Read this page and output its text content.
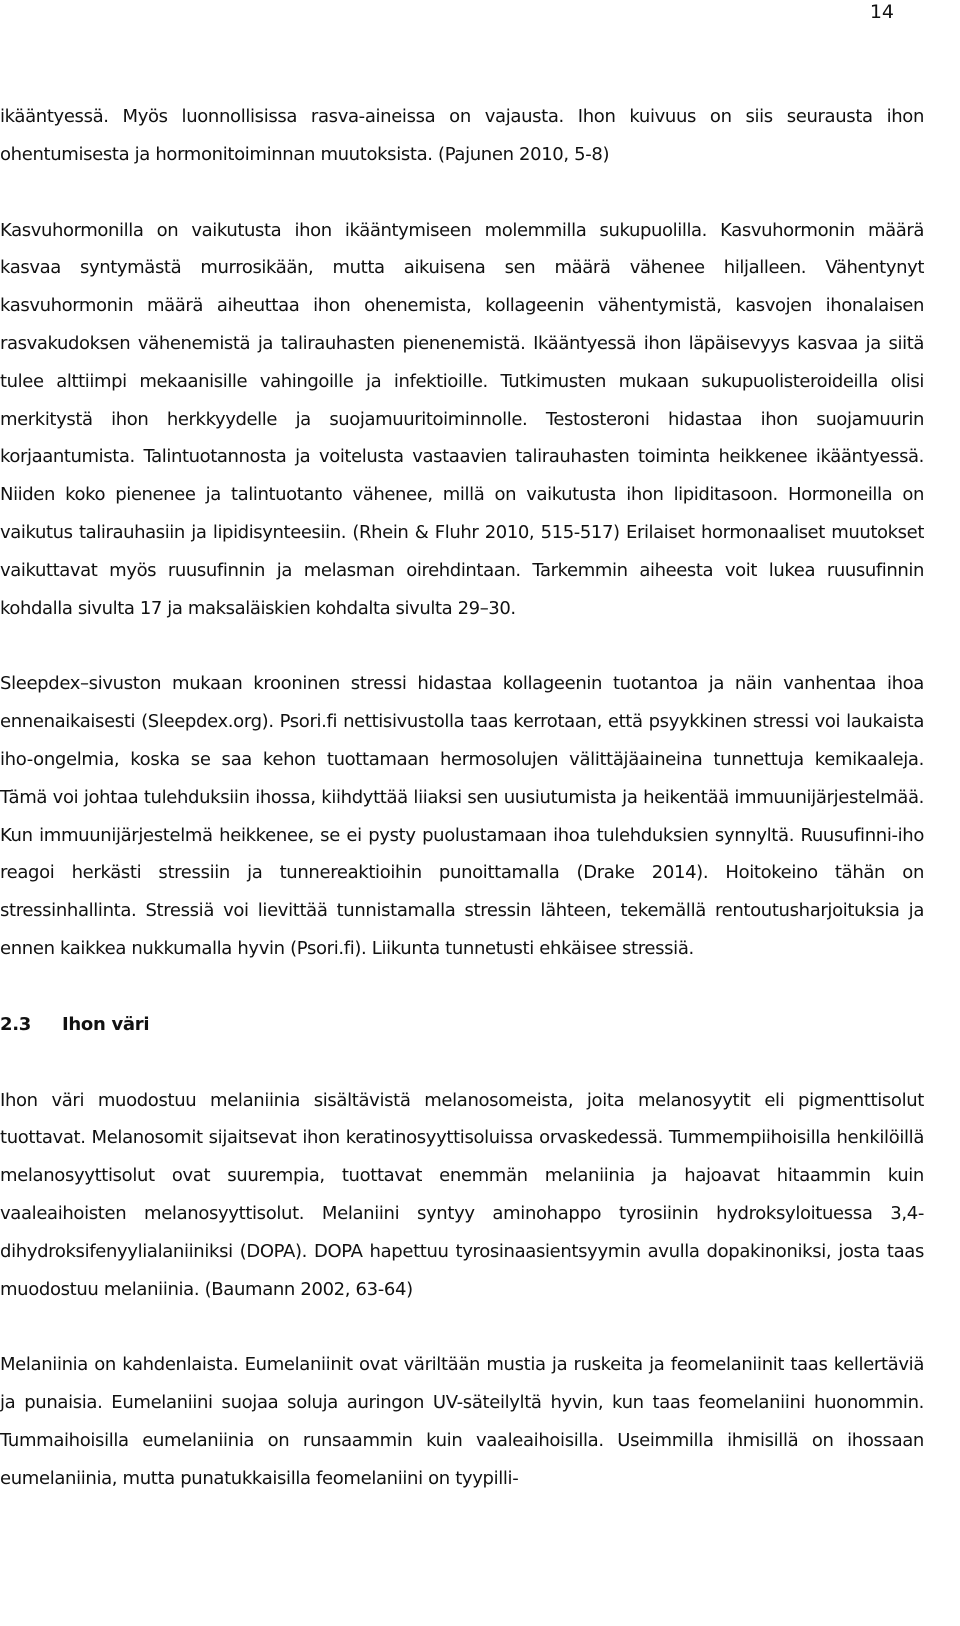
14

ikääntyessä. Myös luonnollisissa rasva-aineissa on vajausta. Ihon kuivuus on siis seurausta ihon ohentumisesta ja hormonitoiminnan muutoksista. (Pajunen 2010, 5-8)

Kasvuhormonilla on vaikutusta ihon ikääntymiseen molemmilla sukupuolilla. Kasvuhormonin määrä kasvaa syntymästä murrosikään, mutta aikuisena sen määrä vähenee hiljalleen. Vähentynyt kasvuhormonin määrä aiheuttaa ihon ohenemista, kollageenin vähentymistä, kasvojen ihonalaisen rasvakudoksen vähenemistä ja talirauhasten pienenemistä. Ikääntyessä ihon läpäisevyys kasvaa ja siitä tulee alttiimpi mekaanisille vahingoille ja infektioille. Tutkimusten mukaan sukupuolisteroideilla olisi merkitystä ihon herkkyydelle ja suojamuuritoiminnolle. Testosteroni hidastaa ihon suojamuurin korjaantumista. Talintuotannosta ja voitelusta vastaavien talirauhasten toiminta heikkenee ikääntyessä. Niiden koko pienenee ja talintuotanto vähenee, millä on vaikutusta ihon lipiditasoon. Hormoneilla on vaikutus talirauhasiin ja lipidisynteesiin. (Rhein & Fluhr 2010, 515-517) Erilaiset hormonaaliset muutokset vaikuttavat myös ruusufinnin ja melasman oirehdintaan. Tarkemmin aiheesta voit lukea ruusufinnin kohdalla sivulta 17 ja maksaläiskien kohdalta sivulta 29–30.

Sleepdex–sivuston mukaan krooninen stressi hidastaa kollageenin tuotantoa ja näin vanhentaa ihoa ennenaikaisesti (Sleepdex.org). Psori.fi nettisivustolla taas kerrotaan, että psyykkinen stressi voi laukaista iho-ongelmia, koska se saa kehon tuottamaan hermosolujen välittäjäaineina tunnettuja kemikaaleja. Tämä voi johtaa tulehduksiin ihossa, kiihdyttää liiaksi sen uusiutumista ja heikentää immuunijärjestelmää. Kun immuunijärjestelmä heikkenee, se ei pysty puolustamaan ihoa tulehduksien synnyltä. Ruusufinni-iho reagoi herkästi stressiin ja tunnereaktioihin punoittamalla (Drake 2014). Hoitokeino tähän on stressinhallinta. Stressiä voi lievittää tunnistamalla stressin lähteen, tekemällä rentoutusharjoituksia ja ennen kaikkea nukkumalla hyvin (Psori.fi). Liikunta tunnetusti ehkäisee stressiä.

2.3 Ihon väri

Ihon väri muodostuu melaniinia sisältävistä melanosomeista, joita melanosyytit eli pigmenttisolut tuottavat. Melanosomit sijaitsevat ihon keratinosyyttisoluissa orvaskedessä. Tummempiihoisilla henkilöillä melanosyyttisolut ovat suurempia, tuottavat enemmän melaniinia ja hajoavat hitaammin kuin vaaleaihoisten melanosyyttisolut. Melaniini syntyy aminohappo tyrosiinin hydroksyloituessa 3,4-dihydroksifenyylialaniiniksi (DOPA). DOPA hapettuu tyrosinaasientsyymin avulla dopakinoniksi, josta taas muodostuu melaniinia. (Baumann 2002, 63-64)

Melaniinia on kahdenlaista. Eumelaniinit ovat väriltään mustia ja ruskeita ja feomelaniinit taas kellertäviä ja punaisia. Eumelaniini suojaa soluja auringon UV-säteilyltä hyvin, kun taas feomelaniini huonommin. Tummaihoisilla eumelaniinia on runsaammin kuin vaaleaihoisilla. Useimmilla ihmisillä on ihossaan eumelaniinia, mutta punatukkaisilla feomelaniini on tyypilli-
